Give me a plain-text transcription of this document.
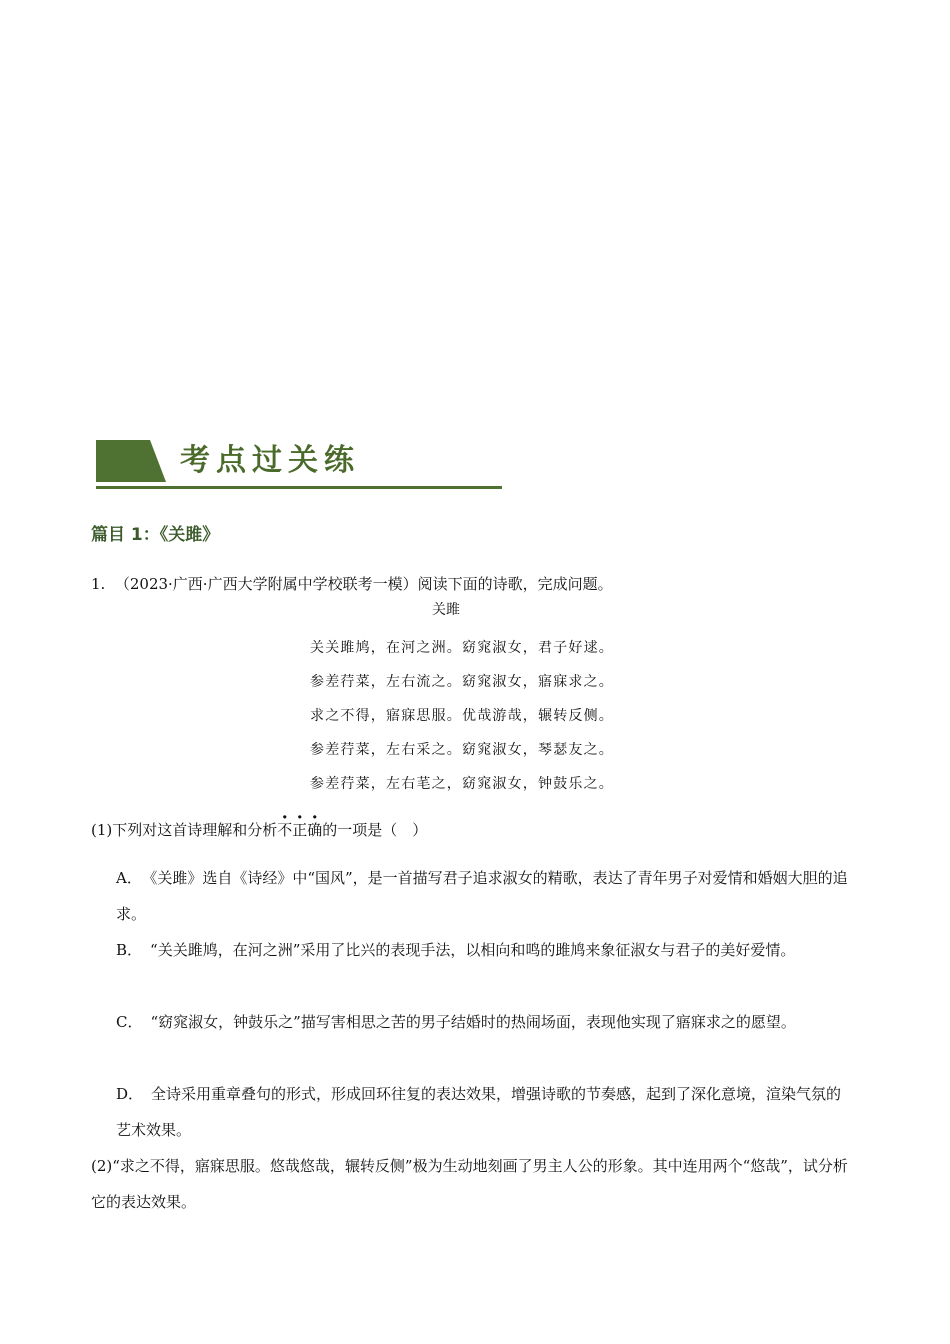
考点过关练
篇目 1：《关雎》
1. （2023·广西·广西大学附属中学校联考一模）阅读下面的诗歌，完成问题。
关雎
关关雎鸠，在河之洲。窈窕淑女，君子好逑。
参差荇菜，左右流之。窈窕淑女，寤寐求之。
求之不得，寤寐思服。优哉游哉，辗转反侧。
参差荇菜，左右采之。窈窕淑女，琴瑟友之。
参差荇菜，左右芼之，窈窕淑女，钟鼓乐之。
(1)下列对这首诗理解和分析不正确的一项是（　）
A． 《关雎》选自《诗经》中“国风”，是一首描写君子追求淑女的精歌，表达了青年男子对爱情和婚姻大胆的追求。
B． “关关雎鸠，在河之洲”采用了比兴的表现手法，以相向和鸣的雎鸠来象征淑女与君子的美好爱情。
C． “窈窕淑女，钟鼓乐之”描写害相思之苦的男子结婚时的热闹场面，表现他实现了寤寐求之的愿望。
D． 全诗采用重章叠句的形式，形成回环往复的表达效果，增强诗歌的节奏感，起到了深化意境，渲染气氛的艺术效果。
(2)“求之不得，寤寐思服。悠哉悠哉，辗转反侧”极为生动地刻画了男主人公的形象。其中连用两个“悠哉”，试分析它的表达效果。
